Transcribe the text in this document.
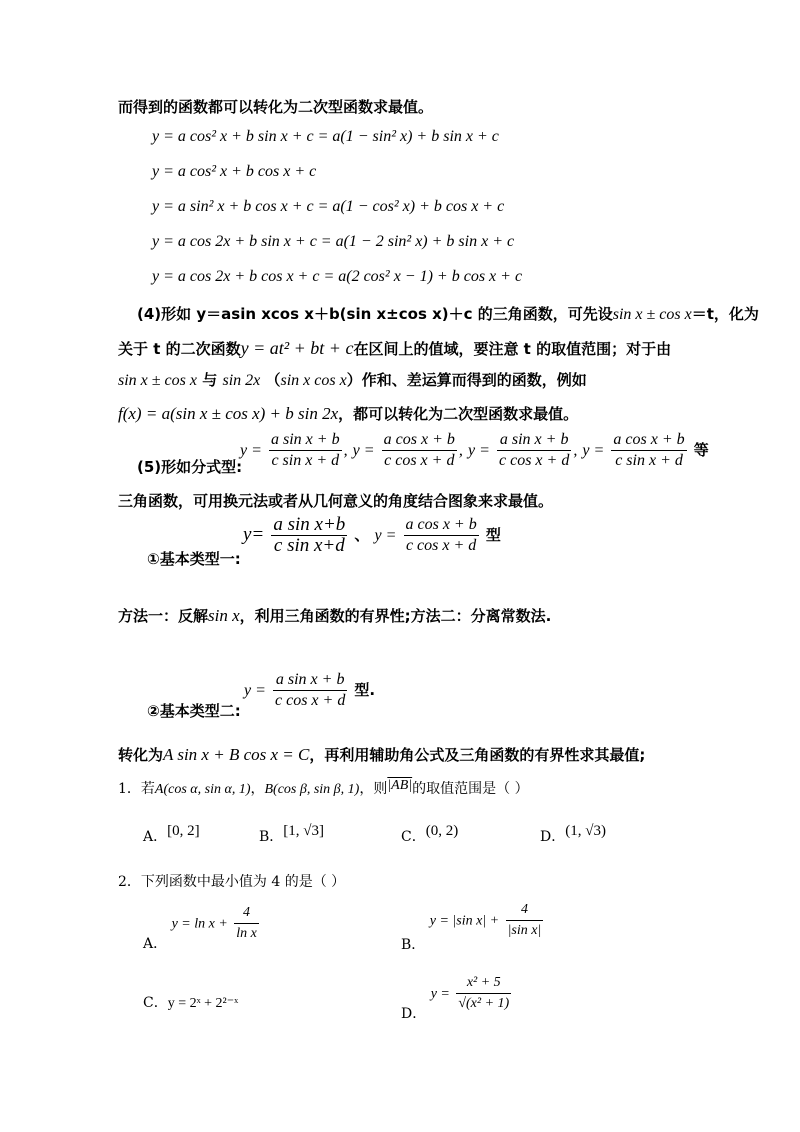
而得到的函数都可以转化为二次型函数求最值。
y = a cos² x + b sin x + c = a(1 − sin² x) + b sin x + c
y = a cos² x + b cos x + c
y = a sin² x + b cos x + c = a(1 − cos² x) + b cos x + c
y = a cos 2x + b sin x + c = a(1 − 2 sin² x) + b sin x + c
y = a cos 2x + b cos x + c = a(2 cos² x − 1) + b cos x + c
(4)形如 y＝asin xcos x＋b(sin x±cos x)＋c 的三角函数，可先设sin x ± cos x＝t，化为
关于 t 的二次函数y = at² + bt + c在区间上的值域，要注意 t 的取值范围；对于由
sin x ± cos x 与 sin 2x （sin x cos x）作和、差运算而得到的函数，例如
f(x) = a(sin x ± cos x) + b sin 2x，都可以转化为二次型函数求最值。
(5)形如分式型:
$y = \frac{\text{a sin x + b}}{\text{c sin x + d}}$ , $y = \frac{\text{a cos x + b}}{\text{c cos x + d}}$ , $y = \frac{\text{a sin x + b}}{\text{c cos x + d}}$ , $y = \frac{\text{a cos x + b}}{\text{c sin x + d}}$ 等
三角函数，可用换元法或者从几何意义的角度结合图象来求最值。
①基本类型一:
$y= \frac{\text{a sin x+b}}{\text{c sin x+d}}$ 、 $y = \frac{\text{a cos x + b}}{\text{c cos x + d}}$ 型
方法一：反解sin x，利用三角函数的有界性;方法二：分离常数法.
②基本类型二:
$y = \frac{\text{a sin x + b}}{\text{c cos x + d}}$ 型.
转化为A sin x + B cos x = C，再利用辅助角公式及三角函数的有界性求其最值;
1．若A(cos α, sin α, 1)，B(cos β, sin β, 1)，则|AB|的取值范围是（ ）
A．[0, 2]	B．[1, √3]	C．(0, 2)	D．(1, √3)
2．下列函数中最小值为 4 的是（ ）
A． $y = \ln x + \frac{4}{\text{ln x}}$
B． y = |sin $x| + \frac{4}{\text{|sin x|}}$
C．y = 2ˣ + 2²⁻ˣ
D． $y = \frac{\text{x² + 5}}{\text{√(x² + 1)}}$
